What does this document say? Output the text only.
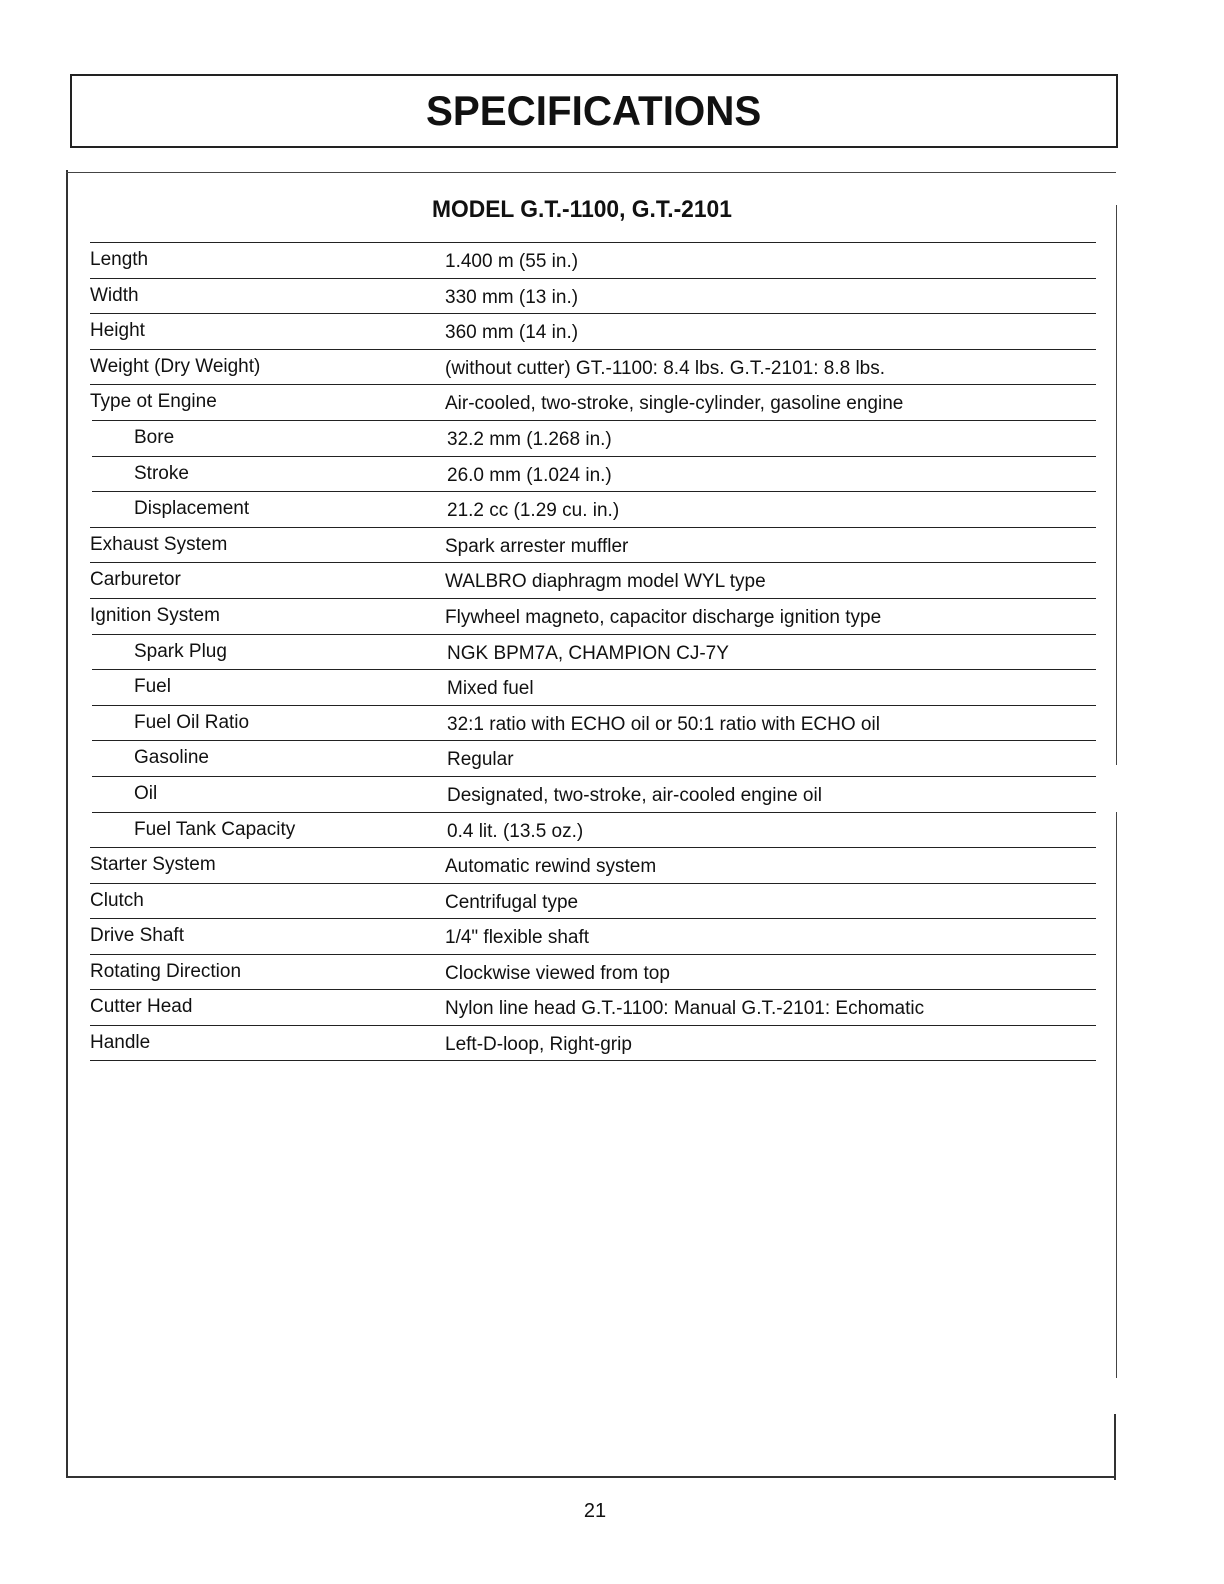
SPECIFICATIONS
MODEL G.T.-1100, G.T.-2101
Length	1.400 m (55 in.)
Width	330 mm (13 in.)
Height	360 mm (14 in.)
Weight (Dry Weight)	(without cutter) GT.-1100: 8.4 lbs. G.T.-2101: 8.8 lbs.
Type ot Engine	Air-cooled, two-stroke, single-cylinder, gasoline engine
Bore	32.2 mm (1.268 in.)
Stroke	26.0 mm (1.024 in.)
Displacement	21.2 cc (1.29 cu. in.)
Exhaust System	Spark arrester muffler
Carburetor	WALBRO diaphragm model WYL type
Ignition System	Flywheel magneto, capacitor discharge ignition type
Spark Plug	NGK BPM7A, CHAMPION CJ-7Y
Fuel	Mixed fuel
Fuel Oil Ratio	32:1 ratio with ECHO oil or 50:1 ratio with ECHO oil
Gasoline	Regular
Oil	Designated, two-stroke, air-cooled engine oil
Fuel Tank Capacity	0.4 lit. (13.5 oz.)
Starter System	Automatic rewind system
Clutch	Centrifugal type
Drive Shaft	1/4" flexible shaft
Rotating Direction	Clockwise viewed from top
Cutter Head	Nylon line head G.T.-1100: Manual G.T.-2101: Echomatic
Handle	Left-D-loop, Right-grip
21
